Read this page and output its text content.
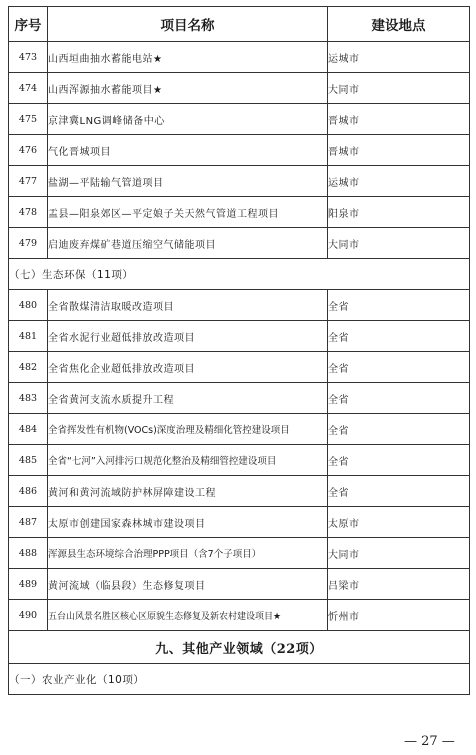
序号	项目名称	建设地点
473	山西垣曲抽水蓄能电站★	运城市
474	山西浑源抽水蓄能项目★	大同市
475	京津冀LNG调峰储备中心	晋城市
476	气化晋城项目	晋城市
477	盐湖—平陆输气管道项目	运城市
478	盂县—阳泉郊区—平定娘子关天然气管道工程项目	阳泉市
479	启迪废弃煤矿巷道压缩空气储能项目	大同市
（七）生态环保（11项）		
480	全省散煤清洁取暖改造项目	全省
481	全省水泥行业超低排放改造项目	全省
482	全省焦化企业超低排放改造项目	全省
483	全省黄河支流水质提升工程	全省
484	全省挥发性有机物(VOCs)深度治理及精细化管控建设项目	全省
485	全省“七河”入河排污口规范化整治及精细管控建设项目	全省
486	黄河和黄河流域防护林屏障建设工程	全省
487	太原市创建国家森林城市建设项目	太原市
488	浑源县生态环境综合治理PPP项目（含7个子项目）	大同市
489	黄河流域（临县段）生态修复项目	吕梁市
490	五台山风景名胜区核心区原貌生态修复及新农村建设项目★	忻州市
九、其他产业领域（22项）		
（一）农业产业化（10项）		
— 27 —
